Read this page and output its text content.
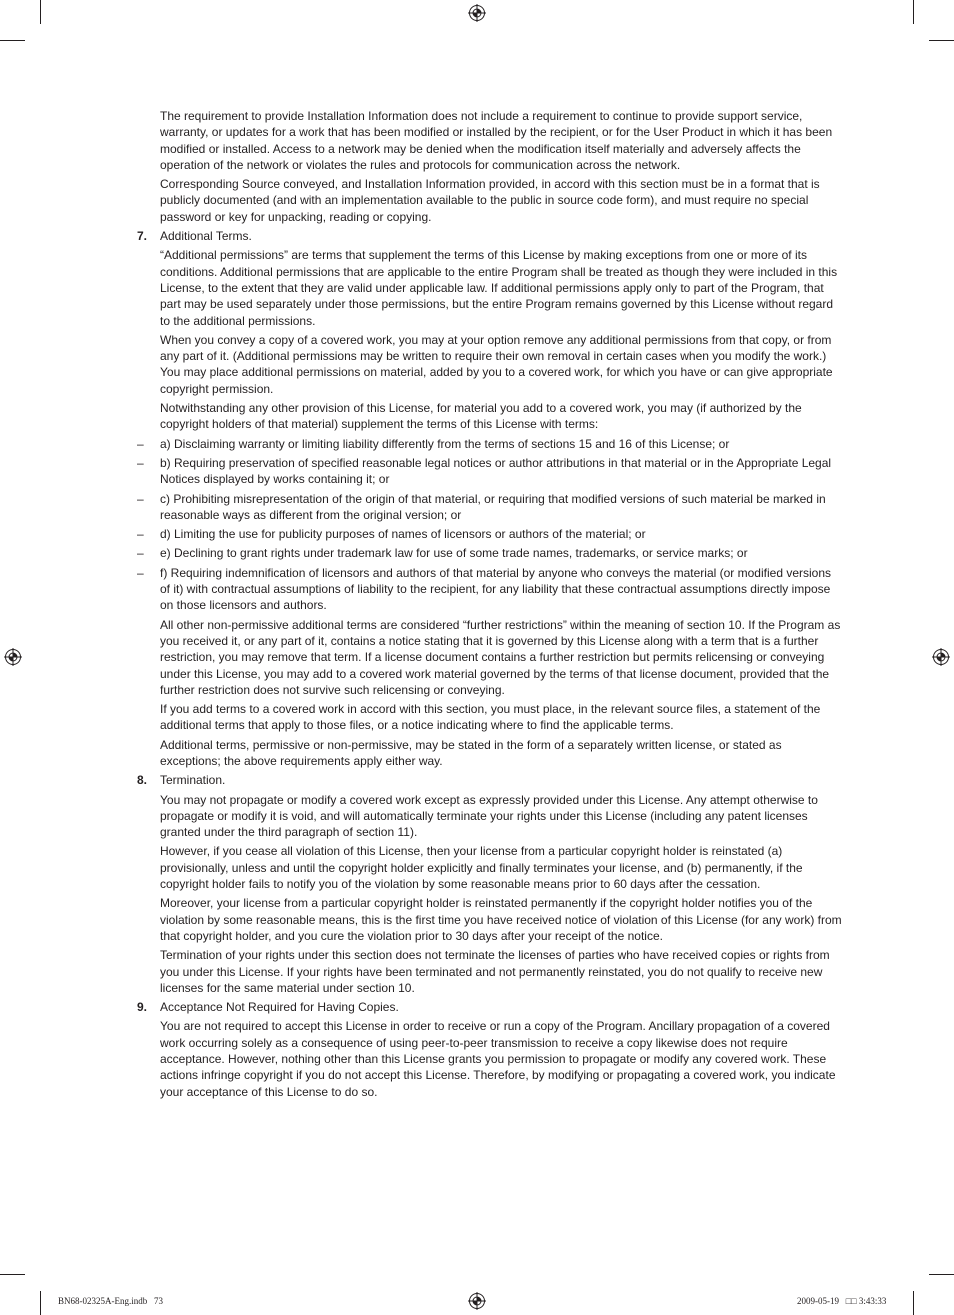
The requirement to provide Installation Information does not include a requirement to continue to provide support service, warranty, or updates for a work that has been modified or installed by the recipient, or for the User Product in which it has been modified or installed. Access to a network may be denied when the modification itself materially and adversely affects the operation of the network or violates the rules and protocols for communication across the network.

Corresponding Source conveyed, and Installation Information provided, in accord with this section must be in a format that is publicly documented (and with an implementation available to the public in source code form), and must require no special password or key for unpacking, reading or copying.

7. Additional Terms.

“Additional permissions” are terms that supplement the terms of this License by making exceptions from one or more of its conditions. Additional permissions that are applicable to the entire Program shall be treated as though they were included in this License, to the extent that they are valid under applicable law. If additional permissions apply only to part of the Program, that part may be used separately under those permissions, but the entire Program remains governed by this License without regard to the additional permissions.

When you convey a copy of a covered work, you may at your option remove any additional permissions from that copy, or from any part of it. (Additional permissions may be written to require their own removal in certain cases when you modify the work.) You may place additional permissions on material, added by you to a covered work, for which you have or can give appropriate copyright permission.

Notwithstanding any other provision of this License, for material you add to a covered work, you may (if authorized by the copyright holders of that material) supplement the terms of this License with terms:

– a) Disclaiming warranty or limiting liability differently from the terms of sections 15 and 16 of this License; or
– b) Requiring preservation of specified reasonable legal notices or author attributions in that material or in the Appropriate Legal Notices displayed by works containing it; or
– c) Prohibiting misrepresentation of the origin of that material, or requiring that modified versions of such material be marked in reasonable ways as different from the original version; or
– d) Limiting the use for publicity purposes of names of licensors or authors of the material; or
– e) Declining to grant rights under trademark law for use of some trade names, trademarks, or service marks; or
– f) Requiring indemnification of licensors and authors of that material by anyone who conveys the material (or modified versions of it) with contractual assumptions of liability to the recipient, for any liability that these contractual assumptions directly impose on those licensors and authors.

All other non-permissive additional terms are considered “further restrictions” within the meaning of section 10. If the Program as you received it, or any part of it, contains a notice stating that it is governed by this License along with a term that is a further restriction, you may remove that term. If a license document contains a further restriction but permits relicensing or conveying under this License, you may add to a covered work material governed by the terms of that license document, provided that the further restriction does not survive such relicensing or conveying.

If you add terms to a covered work in accord with this section, you must place, in the relevant source files, a statement of the additional terms that apply to those files, or a notice indicating where to find the applicable terms.

Additional terms, permissive or non-permissive, may be stated in the form of a separately written license, or stated as exceptions; the above requirements apply either way.

8. Termination.

You may not propagate or modify a covered work except as expressly provided under this License. Any attempt otherwise to propagate or modify it is void, and will automatically terminate your rights under this License (including any patent licenses granted under the third paragraph of section 11).

However, if you cease all violation of this License, then your license from a particular copyright holder is reinstated (a) provisionally, unless and until the copyright holder explicitly and finally terminates your license, and (b) permanently, if the copyright holder fails to notify you of the violation by some reasonable means prior to 60 days after the cessation.

Moreover, your license from a particular copyright holder is reinstated permanently if the copyright holder notifies you of the violation by some reasonable means, this is the first time you have received notice of violation of this License (for any work) from that copyright holder, and you cure the violation prior to 30 days after your receipt of the notice.

Termination of your rights under this section does not terminate the licenses of parties who have received copies or rights from you under this License. If your rights have been terminated and not permanently reinstated, you do not qualify to receive new licenses for the same material under section 10.

9. Acceptance Not Required for Having Copies.

You are not required to accept this License in order to receive or run a copy of the Program. Ancillary propagation of a covered work occurring solely as a consequence of using peer-to-peer transmission to receive a copy likewise does not require acceptance. However, nothing other than this License grants you permission to propagate or modify any covered work. These actions infringe copyright if you do not accept this License. Therefore, by modifying or propagating a covered work, you indicate your acceptance of this License to do so.

BN68-02325A-Eng.indb   73	2009-05-19   □□ 3:43:33
